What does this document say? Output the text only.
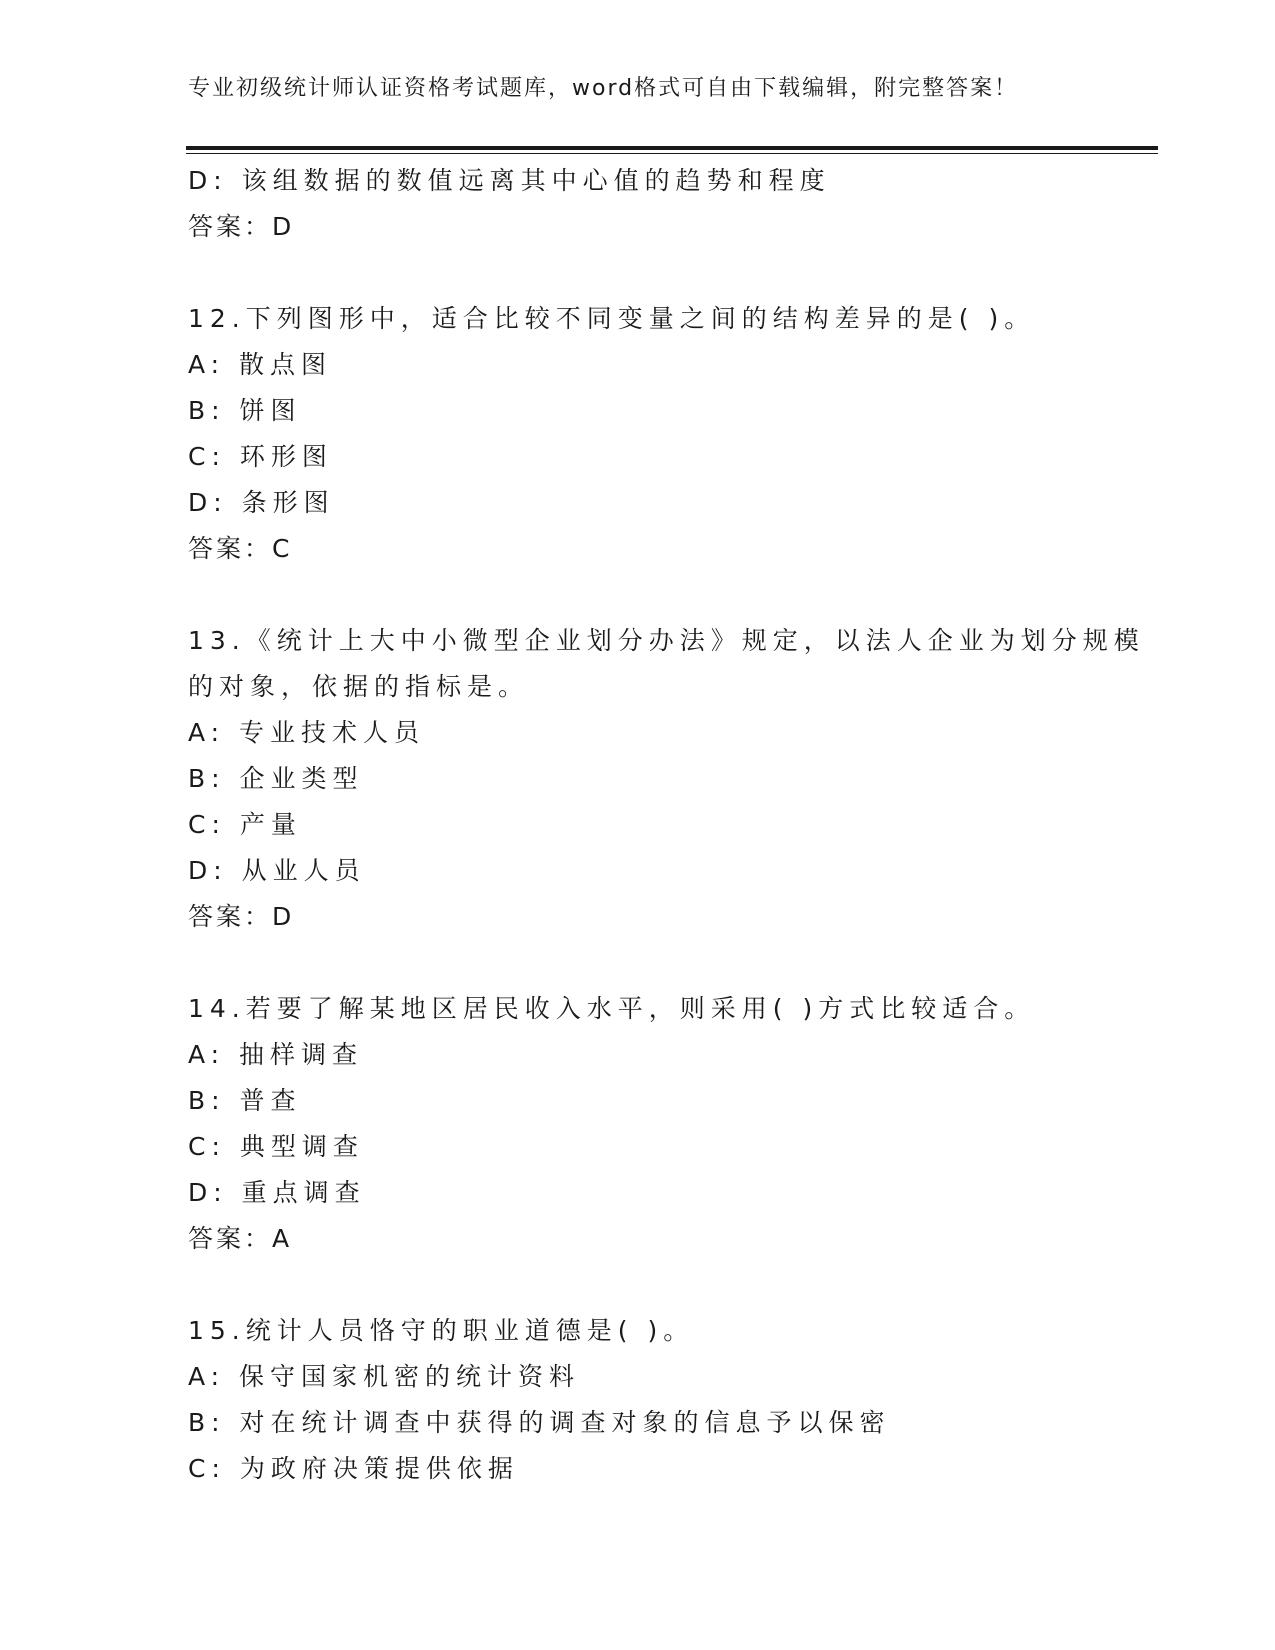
专业初级统计师认证资格考试题库，word格式可自由下载编辑，附完整答案！
D: 该组数据的数值远离其中心值的趋势和程度
答案：D
12.下列图形中，适合比较不同变量之间的结构差异的是( )。
A: 散点图
B: 饼图
C: 环形图
D: 条形图
答案：C
13.《统计上大中小微型企业划分办法》规定，以法人企业为划分规模
的对象，依据的指标是。
A: 专业技术人员
B: 企业类型
C: 产量
D: 从业人员
答案：D
14.若要了解某地区居民收入水平，则采用( )方式比较适合。
A: 抽样调查
B: 普查
C: 典型调查
D: 重点调查
答案：A
15.统计人员恪守的职业道德是( )。
A: 保守国家机密的统计资料
B: 对在统计调查中获得的调查对象的信息予以保密
C: 为政府决策提供依据
